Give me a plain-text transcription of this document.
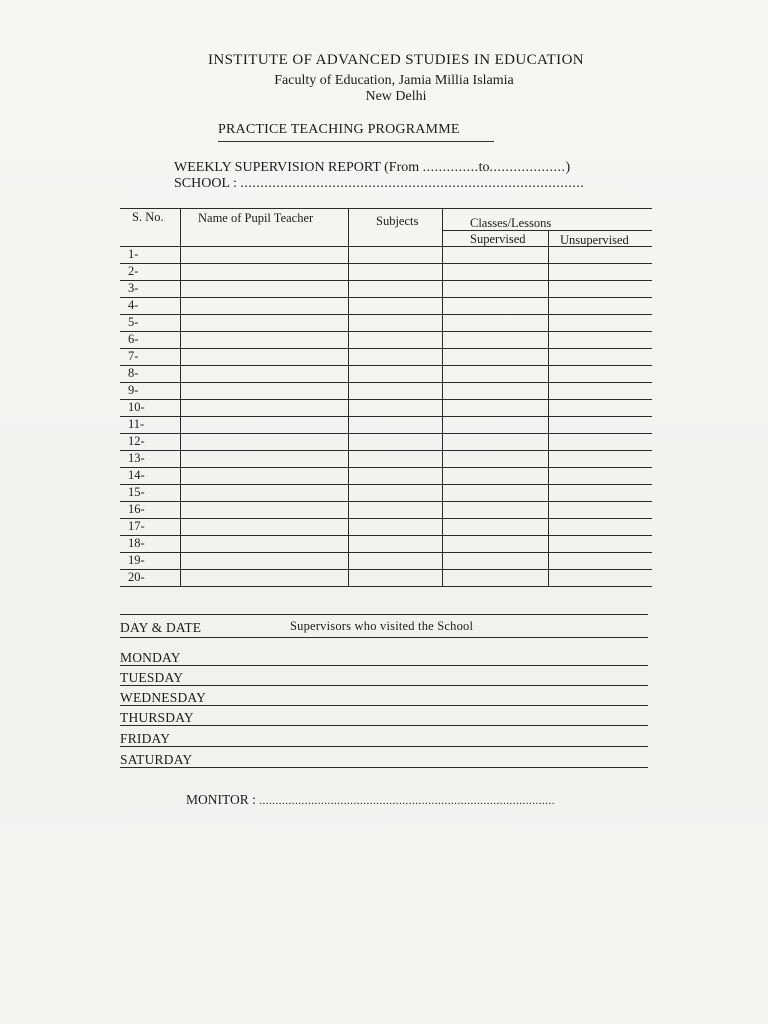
INSTITUTE OF ADVANCED STUDIES IN EDUCATION
Faculty of Education, Jamia Millia Islamia
New Delhi
PRACTICE TEACHING PROGRAMME
WEEKLY SUPERVISION REPORT (From ..............to...................)
SCHOOL : ......................................................................................
S. No.	Name of Pupil Teacher	Subjects	Classes/Lessons
Supervised	Unsupervised
1-
2-
3-
4-
5-
6-
7-
8-
9-
10-
11-
12-
13-
14-
15-
16-
17-
18-
19-
20-
DAY & DATE	Supervisors who visited the School
MONDAY
TUESDAY
WEDNESDAY
THURSDAY
FRIDAY
SATURDAY
MONITOR : ...........................................................................................
